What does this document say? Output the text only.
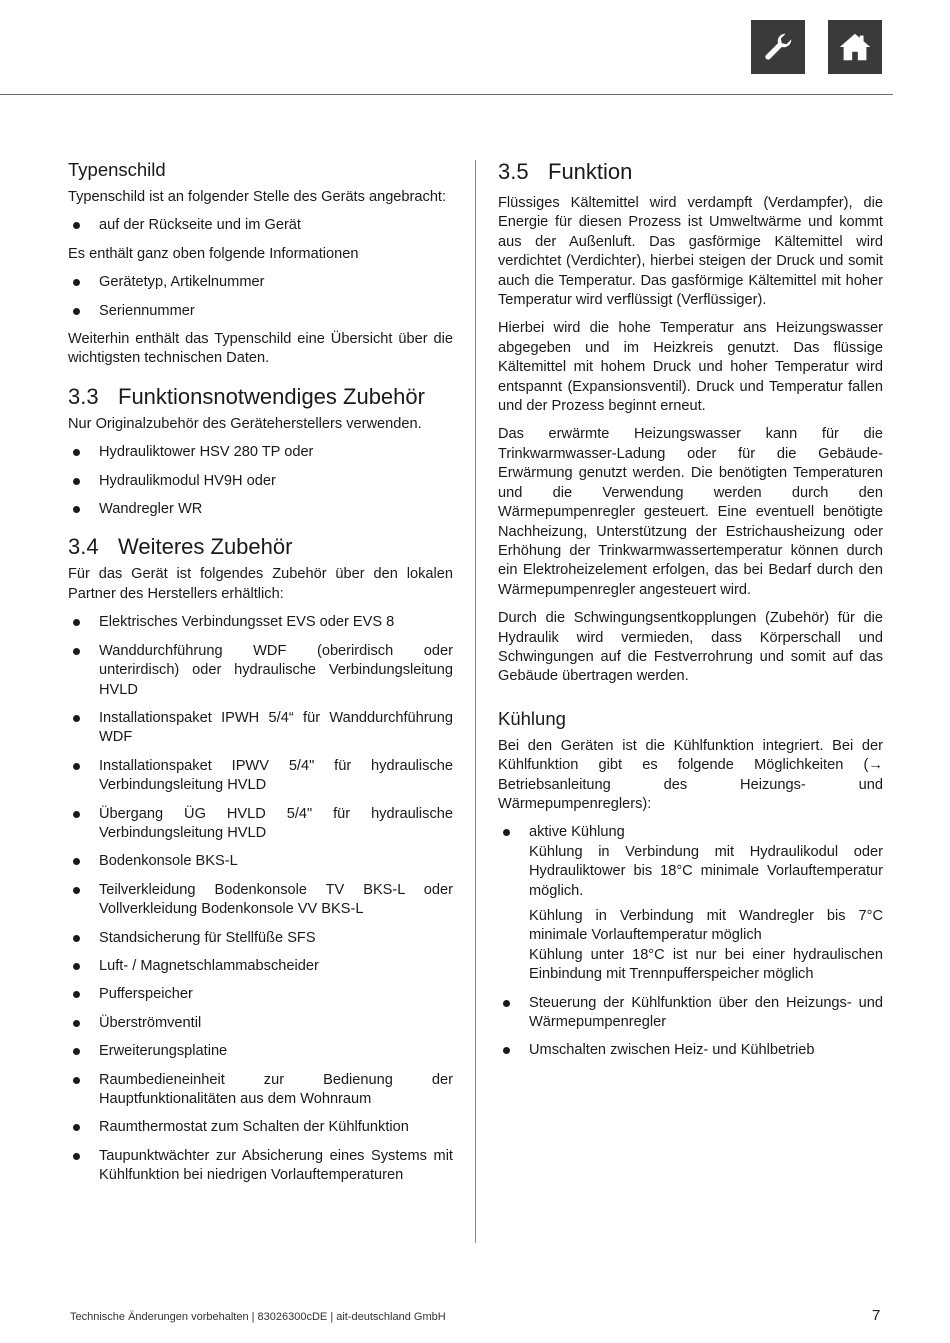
Typenschild

Typenschild ist an folgender Stelle des Geräts angebracht:

auf der Rückseite und im Gerät

Es enthält ganz oben folgende Informationen

Gerätetyp, Artikelnummer
Seriennummer

Weiterhin enthält das Typenschild eine Übersicht über die wichtigsten technischen Daten.

3.3 Funktionsnotwendiges Zubehör

Nur Originalzubehör des Geräteherstellers verwenden.

Hydrauliktower HSV 280 TP oder
Hydraulikmodul HV9H oder
Wandregler WR
3.4 Weiteres Zubehör

Für das Gerät ist folgendes Zubehör über den lokalen Partner des Herstellers erhältlich:

Elektrisches Verbindungsset EVS oder EVS 8
Wanddurchführung WDF (oberirdisch oder unterirdisch) oder hydraulische Verbindungsleitung HVLD
Installationspaket IPWH 5/4“ für Wanddurchführung WDF
Installationspaket IPWV 5/4" für hydraulische Verbindungsleitung HVLD
Übergang ÜG HVLD 5/4" für hydraulische Verbindungsleitung HVLD
Bodenkonsole BKS-L
Teilverkleidung Bodenkonsole TV BKS-L oder Vollverkleidung Bodenkonsole VV BKS-L
Standsicherung für Stellfüße SFS
Luft- / Magnetschlammabscheider
Pufferspeicher
Überströmventil
Erweiterungsplatine
Raumbedieneinheit zur Bedienung der Hauptfunktionalitäten aus dem Wohnraum
Raumthermostat zum Schalten der Kühlfunktion
Taupunktwächter zur Absicherung eines Systems mit Kühlfunktion bei niedrigen Vorlauftemperaturen
3.5 Funktion

Flüssiges Kältemittel wird verdampft (Verdampfer), die Energie für diesen Prozess ist Umweltwärme und kommt aus der Außenluft. Das gasförmige Kältemittel wird verdichtet (Verdichter), hierbei steigen der Druck und somit auch die Temperatur. Das gasförmige Kältemittel mit hoher Temperatur wird verflüssigt (Verflüssiger).

Hierbei wird die hohe Temperatur ans Heizungswasser abgegeben und im Heizkreis genutzt. Das flüssige Kältemittel mit hohem Druck und hoher Temperatur wird entspannt (Expansionsventil). Druck und Temperatur fallen und der Prozess beginnt erneut.

Das erwärmte Heizungswasser kann für die Trinkwarmwasser-Ladung oder für die Gebäude-Erwärmung genutzt werden. Die benötigten Temperaturen und die Verwendung werden durch den Wärmepumpenregler gesteuert. Eine eventuell benötigte Nachheizung, Unterstützung der Estrichausheizung oder Erhöhung der Trinkwarmwassertemperatur können durch ein Elektroheizelement erfolgen, das bei Bedarf durch den Wärmepumpenregler angesteuert wird.

Durch die Schwingungsentkopplungen (Zubehör) für die Hydraulik wird vermieden, dass Körperschall und Schwingungen auf die Festverrohrung und somit auf das Gebäude übertragen werden.

Kühlung

Bei den Geräten ist die Kühlfunktion integriert. Bei der Kühlfunktion gibt es folgende Möglichkeiten (→ Betriebsanleitung des Heizungs- und Wärmepumpenreglers):

aktive Kühlung
Kühlung in Verbindung mit Hydraulikodul oder Hydrauliktower bis 18°C minimale Vorlauftemperatur möglich.
Kühlung in Verbindung mit Wandregler bis 7°C minimale Vorlauftemperatur möglich
Kühlung unter 18°C ist nur bei einer hydraulischen Einbindung mit Trennpufferspeicher möglich
Steuerung der Kühlfunktion über den Heizungs- und Wärmepumpenregler
Umschalten zwischen Heiz- und Kühlbetrieb
Technische Änderungen vorbehalten | 83026300cDE | ait-deutschland GmbH	7
